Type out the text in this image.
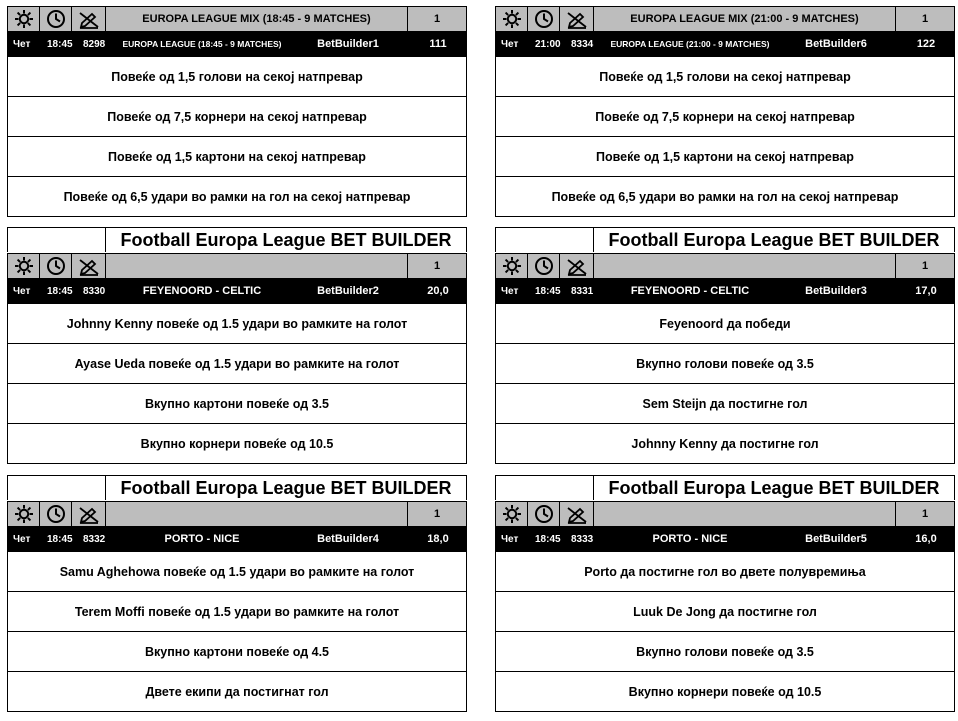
EUROPA LEAGUE MIX (18:45 - 9 MATCHES)	1
Чет	18:45	8298	EUROPA LEAGUE (18:45 - 9 MATCHES)	BetBuilder1	111
Повеќе од 1,5 голови на секој натпревар
Повеќе од 7,5 корнери на секој натпревар
Повеќе од 1,5 картони на секој натпревар
Повеќе од 6,5 удари во рамки на гол на секој натпревар
EUROPA LEAGUE MIX (21:00 - 9 MATCHES)	1
Чет	21:00	8334	EUROPA LEAGUE (21:00 - 9 MATCHES)	BetBuilder6	122
Повеќе од 1,5 голови на секој натпревар
Повеќе од 7,5 корнери на секој натпревар
Повеќе од 1,5 картони на секој натпревар
Повеќе од 6,5 удари во рамки на гол на секој натпревар
Football Europa League BET BUILDER
1
Чет	18:45	8330	FEYENOORD - CELTIC	BetBuilder2	20,0
Johnny Kenny повеќе од 1.5 удари во рамките на голот
Ayase Ueda повеќе од 1.5 удари во рамките на голот
Вкупно картони повеќе од 3.5
Вкупно корнери повеќе од 10.5
Football Europa League BET BUILDER
1
Чет	18:45	8331	FEYENOORD - CELTIC	BetBuilder3	17,0
Feyenoord да победи
Вкупно голови повеќе од 3.5
Sem Steijn да постигне гол
Johnny Kenny да постигне гол
Football Europa League BET BUILDER
1
Чет	18:45	8332	PORTO - NICE	BetBuilder4	18,0
Samu Aghehowa повеќе од 1.5 удари во рамките на голот
Terem Moffi повеќе од 1.5 удари во рамките на голот
Вкупно картони повеќе од 4.5
Двете екипи да постигнат гол
Football Europa League BET BUILDER
1
Чет	18:45	8333	PORTO - NICE	BetBuilder5	16,0
Porto да постигне гол во двете полувремиња
Luuk De Jong да постигне гол
Вкупно голови повеќе од 3.5
Вкупно корнери повеќе од 10.5
